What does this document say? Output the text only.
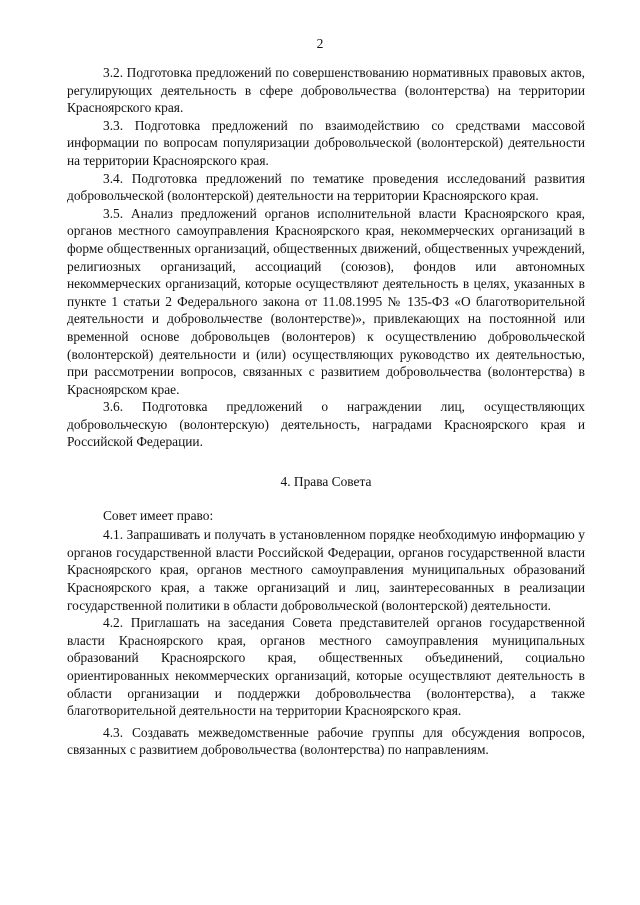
2

3.2. Подготовка предложений по совершенствованию нормативных правовых актов, регулирующих деятельность в сфере добровольчества (волонтерства) на территории Красноярского края.

3.3. Подготовка предложений по взаимодействию со средствами массовой информации по вопросам популяризации добровольческой (волонтерской) деятельности на территории Красноярского края.

3.4. Подготовка предложений по тематике проведения исследований развития добровольческой (волонтерской) деятельности на территории Красноярского края.

3.5. Анализ предложений органов исполнительной власти Красноярского края, органов местного самоуправления Красноярского края, некоммерческих организаций в форме общественных организаций, общественных движений, общественных учреждений, религиозных организаций, ассоциаций (союзов), фондов или автономных некоммерческих организаций, которые осуществляют деятельность в целях, указанных в пункте 1 статьи 2 Федерального закона от 11.08.1995 № 135-ФЗ «О благотворительной деятельности и добровольчестве (волонтерстве)», привлекающих на постоянной или временной основе добровольцев (волонтеров) к осуществлению добровольческой (волонтерской) деятельности и (или) осуществляющих руководство их деятельностью, при рассмотрении вопросов, связанных с развитием добровольчества (волонтерства) в Красноярском крае.

3.6. Подготовка предложений о награждении лиц, осуществляющих добровольческую (волонтерскую) деятельность, наградами Красноярского края и Российской Федерации.

4. Права Совета

Совет имеет право:

4.1. Запрашивать и получать в установленном порядке необходимую информацию у органов государственной власти Российской Федерации, органов государственной власти Красноярского края, органов местного самоуправления муниципальных образований Красноярского края, а также организаций и лиц, заинтересованных в реализации государственной политики в области добровольческой (волонтерской) деятельности.

4.2. Приглашать на заседания Совета представителей органов государственной власти Красноярского края, органов местного самоуправления муниципальных образований Красноярского края, общественных объединений, социально ориентированных некоммерческих организаций, которые осуществляют деятельность в области организации и поддержки добровольчества (волонтерства), а также благотворительной деятельности на территории Красноярского края.

4.3. Создавать межведомственные рабочие группы для обсуждения вопросов, связанных с развитием добровольчества (волонтерства) по направлениям.
